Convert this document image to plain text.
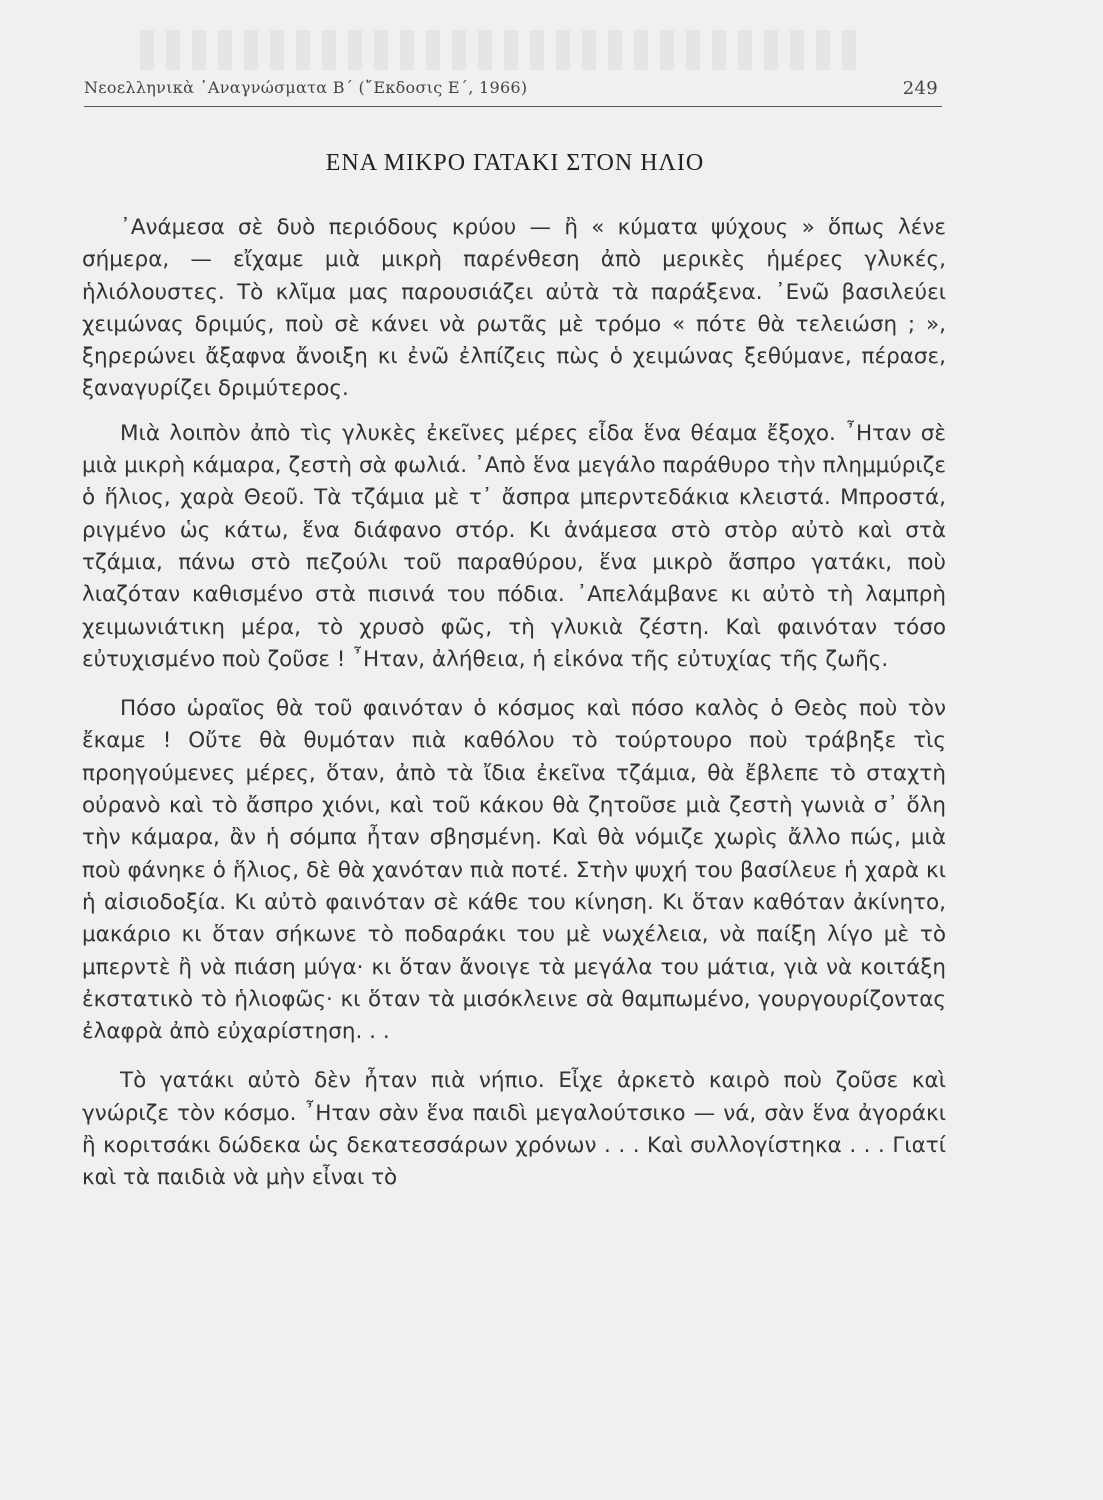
Νεοελληνικὰ ᾿Αναγνώσματα Β΄ (῎Εκδοσις Ε΄, 1966)	249
ΕΝΑ ΜΙΚΡΟ ΓΑΤΑΚΙ ΣΤΟΝ ΗΛΙΟ

᾿Ανάμεσα σὲ δυὸ περιόδους κρύου — ἢ « κύματα ψύχους » ὅπως λένε σήμερα, — εἴχαμε μιὰ μικρὴ παρένθεση ἀπὸ μερικὲς ἡμέρες γλυκές, ἡλιόλουστες. Τὸ κλῖμα μας παρουσιάζει αὐτὰ τὰ παράξενα. ᾿Ενῶ βασιλεύει χειμώνας δριμύς, ποὺ σὲ κάνει νὰ ρωτᾶς μὲ τρόμο « πότε θὰ τελειώση ; », ξηρερώνει ἄξαφνα ἄνοιξη κι ἐνῶ ἐλπίζεις πὼς ὁ χειμώνας ξεθύμανε, πέρασε, ξαναγυρίζει δριμύτερος.

Μιὰ λοιπὸν ἀπὸ τὶς γλυκὲς ἐκεῖνες μέρες εἶδα ἕνα θέαμα ἔξοχο. ῏Ηταν σὲ μιὰ μικρὴ κάμαρα, ζεστὴ σὰ φωλιά. ᾿Απὸ ἕνα μεγάλο παράθυρο τὴν πλημμύριζε ὁ ἥλιος, χαρὰ Θεοῦ. Τὰ τζάμια μὲ τ᾿ ἄσπρα μπερντεδάκια κλειστά. Μπροστά, ριγμένο ὡς κάτω, ἕνα διάφανο στόρ. Κι ἀνάμεσα στὸ στὸρ αὐτὸ καὶ στὰ τζάμια, πάνω στὸ πεζούλι τοῦ παραθύρου, ἕνα μικρὸ ἄσπρο γατάκι, ποὺ λιαζόταν καθισμένο στὰ πισινά του πόδια. ᾿Απελάμβανε κι αὐτὸ τὴ λαμπρὴ χειμωνιάτικη μέρα, τὸ χρυσὸ φῶς, τὴ γλυκιὰ ζέστη. Καὶ φαινόταν τόσο εὐτυχισμένο ποὺ ζοῦσε ! ῏Ηταν, ἀλήθεια, ἡ εἰκόνα τῆς εὐτυχίας τῆς ζωῆς.

Πόσο ὡραῖος θὰ τοῦ φαινόταν ὁ κόσμος καὶ πόσο καλὸς ὁ Θεὸς ποὺ τὸν ἔκαμε ! Οὔτε θὰ θυμόταν πιὰ καθόλου τὸ τούρτουρο ποὺ τράβηξε τὶς προηγούμενες μέρες, ὅταν, ἀπὸ τὰ ἴδια ἐκεῖνα τζάμια, θὰ ἔβλεπε τὸ σταχτὴ οὐρανὸ καὶ τὸ ἄσπρο χιόνι, καὶ τοῦ κάκου θὰ ζητοῦσε μιὰ ζεστὴ γωνιὰ σ᾿ ὅλη τὴν κάμαρα, ἂν ἡ σόμπα ἦταν σβησμένη. Καὶ θὰ νόμιζε χωρὶς ἄλλο πώς, μιὰ ποὺ φάνηκε ὁ ἥλιος, δὲ θὰ χανόταν πιὰ ποτέ. Στὴν ψυχή του βασίλευε ἡ χαρὰ κι ἡ αἰσιοδοξία. Κι αὐτὸ φαινόταν σὲ κάθε του κίνηση. Κι ὅταν καθόταν ἀκίνητο, μακάριο κι ὅταν σήκωνε τὸ ποδαράκι του μὲ νωχέλεια, νὰ παίξη λίγο μὲ τὸ μπερντὲ ἢ νὰ πιάση μύγα· κι ὅταν ἄνοιγε τὰ μεγάλα του μάτια, γιὰ νὰ κοιτάξη ἐκστατικὸ τὸ ἡλιοφῶς· κι ὅταν τὰ μισόκλεινε σὰ θαμπωμένο, γουργουρίζοντας ἐλαφρὰ ἀπὸ εὐχαρίστηση. . .

Τὸ γατάκι αὐτὸ δὲν ἦταν πιὰ νήπιο. Εἶχε ἀρκετὸ καιρὸ ποὺ ζοῦσε καὶ γνώριζε τὸν κόσμο. ῏Ηταν σὰν ἕνα παιδὶ μεγαλούτσικο — νά, σὰν ἕνα ἀγοράκι ἢ κοριτσάκι δώδεκα ὡς δεκατεσσάρων χρόνων . . . Καὶ συλλογίστηκα . . . Γιατί καὶ τὰ παιδιὰ νὰ μὴν εἶναι τὸ
